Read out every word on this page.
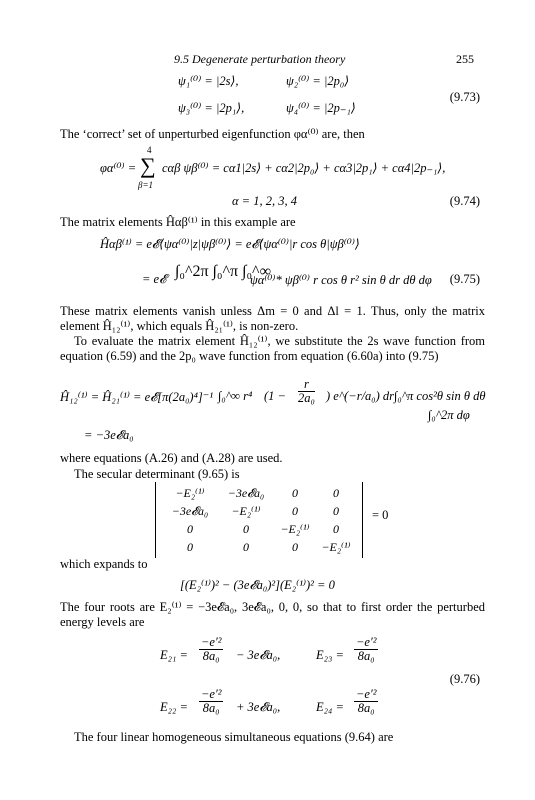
9.5 Degenerate perturbation theory	255
ψ₁⁽⁰⁾ = |2s⟩,	ψ₂⁽⁰⁾ = |2p₀⟩
(9.73)
ψ₃⁽⁰⁾ = |2p₁⟩,	ψ₄⁽⁰⁾ = |2p₋₁⟩
The ‘correct’ set of unperturbed eigenfunction φα⁽⁰⁾ are, then
φα⁽⁰⁾ =
4
∑
β=1
cαβ ψβ⁽⁰⁾ = cα1|2s⟩ + cα2|2p₀⟩ + cα3|2p₁⟩ + cα4|2p₋₁⟩,
α = 1, 2, 3, 4	(9.74)
The matrix elements Ĥαβ⁽¹⁾ in this example are
Ĥαβ⁽¹⁾ = e𝓔⟨ψα⁽⁰⁾|z|ψβ⁽⁰⁾⟩ = e𝓔⟨ψα⁽⁰⁾|r cos θ|ψβ⁽⁰⁾⟩
= e𝓔 ∫₀^2π ∫₀^π ∫₀^∞
ψα⁽⁰⁾* ψβ⁽⁰⁾ r cos θ r² sin θ dr dθ dφ (9.75)
These matrix elements vanish unless Δm = 0 and Δl = 1. Thus, only the matrix element Ĥ₁₂⁽¹⁾, which equals Ĥ₂₁⁽¹⁾, is non-zero.
To evaluate the matrix element Ĥ₁₂⁽¹⁾, we substitute the 2s wave function from equation (6.59) and the 2p₀ wave function from equation (6.60a) into (9.75)
Ĥ₁₂⁽¹⁾ = Ĥ₂₁⁽¹⁾ = e𝓔[π(2a₀)⁴]⁻¹ ∫₀^∞ r⁴ ($1 - \frac{r}{\text{2a₀}}$ ) e^(−r/a₀) dr ∫₀^π cos²θ sin θ dθ
∫₀^2π dφ
= −3e𝓔a₀
where equations (A.26) and (A.28) are used.
The secular determinant (9.65) is
−E₂⁽¹⁾	−3e𝓔a₀	0	0
−3e𝓔a₀	−E₂⁽¹⁾	0	0
0	0	−E₂⁽¹⁾	0
0	0	0	−E₂⁽¹⁾
= 0
which expands to
[(E₂⁽¹⁾)² − (3e𝓔a₀)²](E₂⁽¹⁾)² = 0
The four roots are E₂⁽¹⁾ = −3e𝓔a₀, 3e𝓔a₀, 0, 0, so that to first order the perturbed energy levels are
$E_{21} = \frac{\text{−e′²}}{\text{8a₀}}$ − 3e𝓔a₀,	$E_{23} = \frac{\text{−e′²}}{\text{8a₀}}$
(9.76)
$E_{22} = \frac{\text{−e′²}}{\text{8a₀}}$ + 3e𝓔a₀,	$E_{24} = \frac{\text{−e′²}}{\text{8a₀}}$
The four linear homogeneous simultaneous equations (9.64) are
